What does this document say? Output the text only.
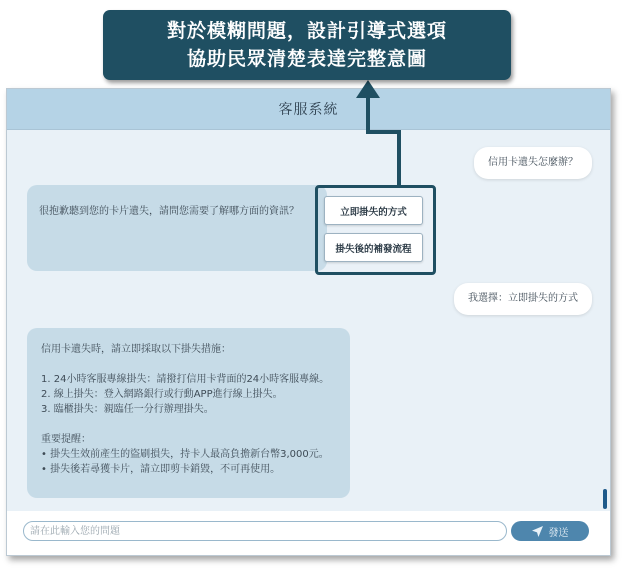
對於模糊問題，設計引導式選項
協助民眾清楚表達完整意圖
客服系統
信用卡遺失怎麼辦？
很抱歉聽到您的卡片遺失，請問您需要了解哪方面的資訊？
我選擇：立即掛失的方式
信用卡遺失時，請立即採取以下掛失措施：
1. 24小時客服專線掛失：請撥打信用卡背面的24小時客服專線。
2. 線上掛失：登入網路銀行或行動APP進行線上掛失。
3. 臨櫃掛失：親臨任一分行辦理掛失。
重要提醒：
• 掛失生效前產生的盜刷損失，持卡人最高負擔新台幣3,000元。
• 掛失後若尋獲卡片，請立即剪卡銷毀，不可再使用。
請在此輸入您的問題	發送
立即掛失的方式
掛失後的補發流程
